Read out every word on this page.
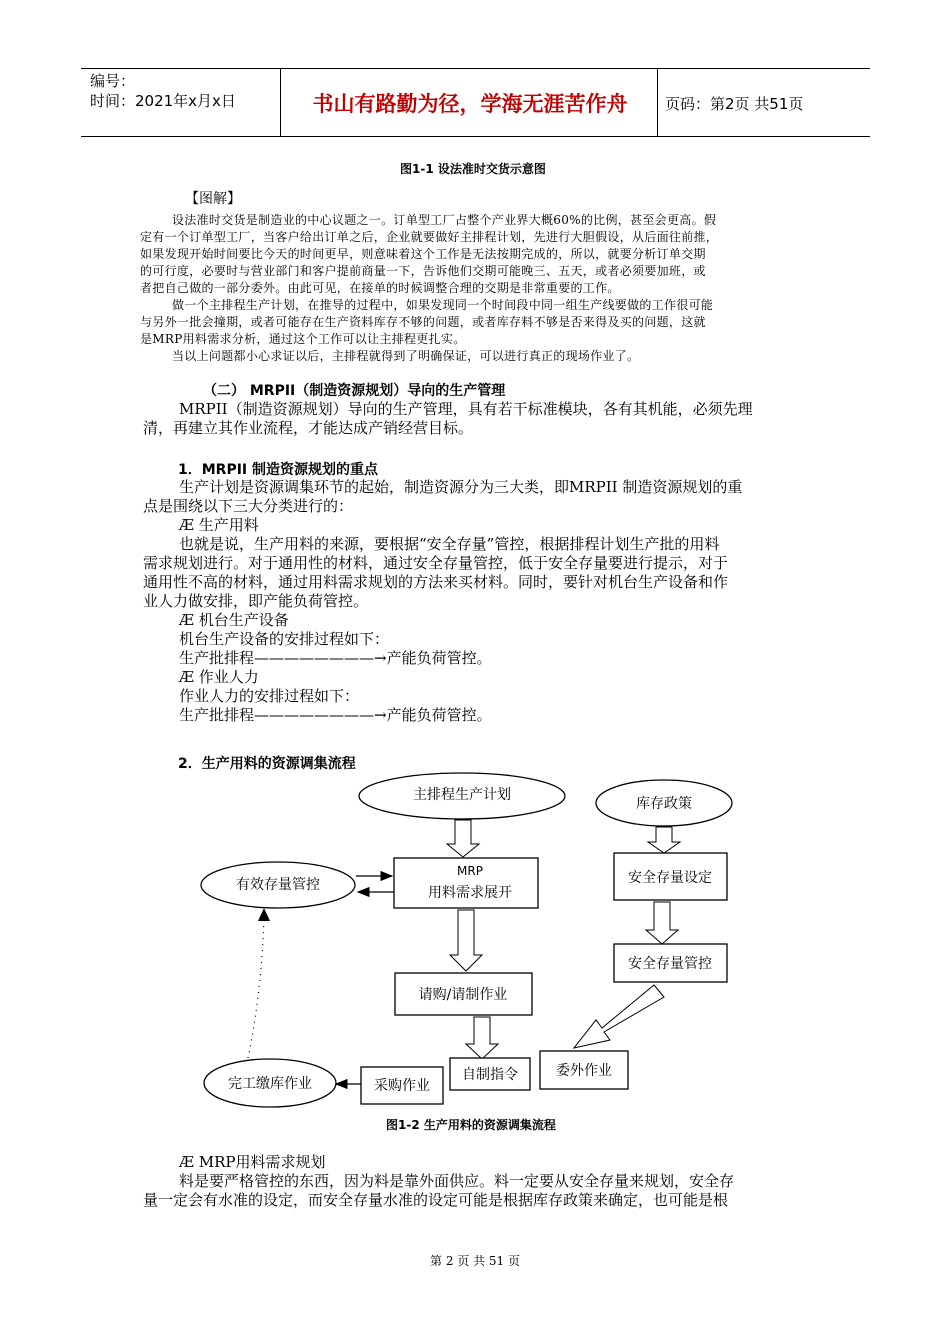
编号：
时间：2021年x月x日	书山有路勤为径，学海无涯苦作舟	页码：第2页 共51页
图1-1 设法准时交货示意图
【图解】

设法准时交货是制造业的中心议题之一。订单型工厂占整个产业界大概60%的比例，甚至会更高。假

定有一个订单型工厂，当客户给出订单之后，企业就要做好主排程计划，先进行大胆假设，从后面往前推，

如果发现开始时间要比今天的时间更早，则意味着这个工作是无法按期完成的，所以，就要分析订单交期

的可行度，必要时与营业部门和客户提前商量一下，告诉他们交期可能晚三、五天，或者必须要加班，或

者把自己做的一部分委外。由此可见，在接单的时候调整合理的交期是非常重要的工作。

做一个主排程生产计划，在推导的过程中，如果发现同一个时间段中同一组生产线要做的工作很可能

与另外一批会撞期，或者可能存在生产资料库存不够的问题，或者库存料不够是否来得及买的问题，这就

是MRP用料需求分析，通过这个工作可以让主排程更扎实。

当以上问题都小心求证以后，主排程就得到了明确保证，可以进行真正的现场作业了。

（二） MRPII（制造资源规划）导向的生产管理

MRPII（制造资源规划）导向的生产管理，具有若干标准模块，各有其机能，必须先理

清，再建立其作业流程，才能达成产销经营目标。

1．MRPII 制造资源规划的重点

生产计划是资源调集环节的起始，制造资源分为三大类，即MRPII 制造资源规划的重

点是围绕以下三大分类进行的：

Æ 生产用料

也就是说，生产用料的来源，要根据“安全存量”管控，根据排程计划生产批的用料

需求规划进行。对于通用性的材料，通过安全存量管控，低于安全存量要进行提示，对于

通用性不高的材料，通过用料需求规划的方法来买材料。同时，要针对机台生产设备和作

业人力做安排，即产能负荷管控。

Æ 机台生产设备

机台生产设备的安排过程如下：

生产批排程————————→产能负荷管控。

Æ 作业人力

作业人力的安排过程如下：

生产批排程————————→产能负荷管控。

2．生产用料的资源调集流程
主排程生产计划
库存政策
MRP
用料需求展开
有效存量管控	安全存量设定
安全存量管控
请购/请制作业
自制指令	委外作业
采购作业
完工缴库作业
图1-2 生产用料的资源调集流程

Æ MRP用料需求规划

料是要严格管控的东西，因为料是靠外面供应。料一定要从安全存量来规划，安全存

量一定会有水准的设定，而安全存量水准的设定可能是根据库存政策来确定，也可能是根

第 2 页 共 51 页
